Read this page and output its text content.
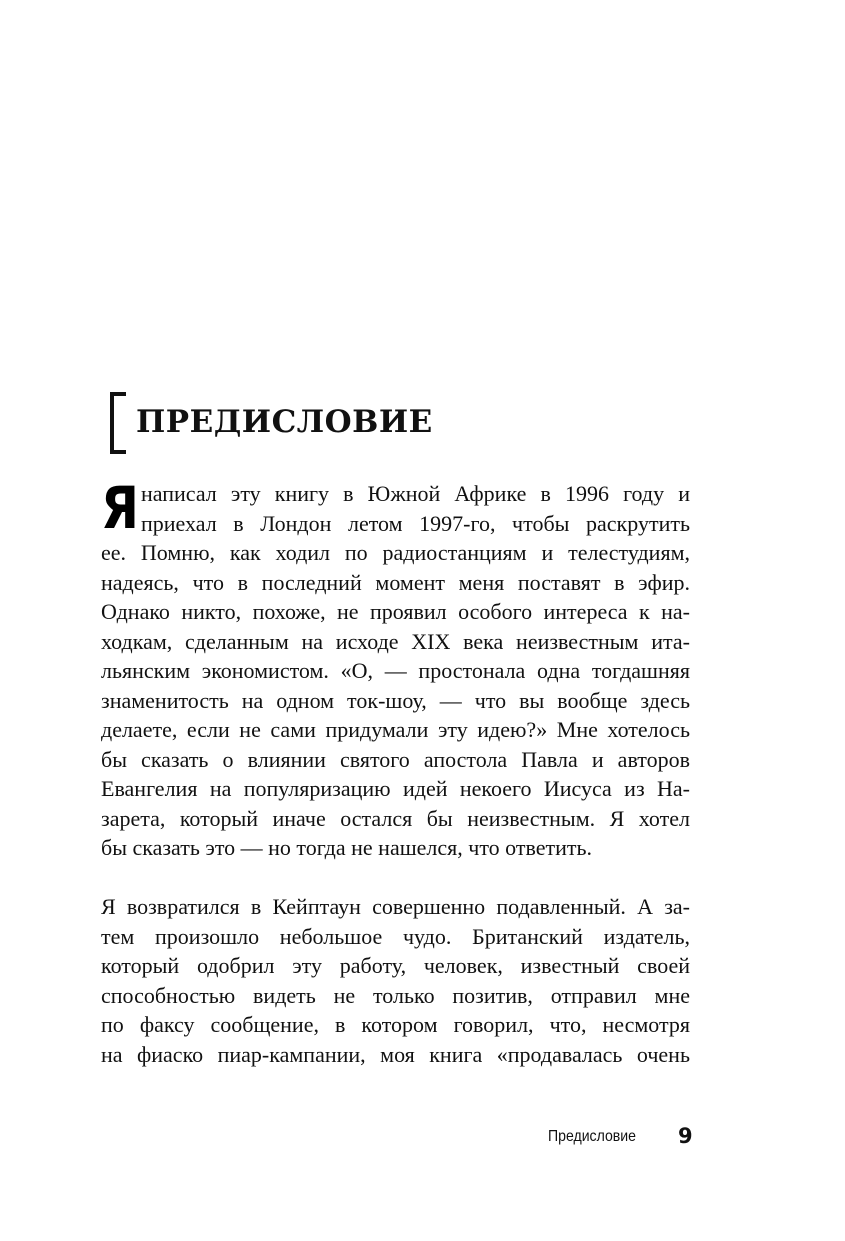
ПРЕДИСЛОВИЕ
Я написал эту книгу в Южной Африке в 1996 году и
приехал в Лондон летом 1997-го, чтобы раскрутить
ее. Помню, как ходил по радиостанциям и телестудиям,
надеясь, что в последний момент меня поставят в эфир.
Однако никто, похоже, не проявил особого интереса к на-
ходкам, сделанным на исходе XIX века неизвестным ита-
льянским экономистом. «О, — простонала одна тогдашняя
знаменитость на одном ток-шоу, — что вы вообще здесь
делаете, если не сами придумали эту идею?» Мне хотелось
бы сказать о влиянии святого апостола Павла и авторов
Евангелия на популяризацию идей некоего Иисуса из На-
зарета, который иначе остался бы неизвестным. Я хотел
бы сказать это — но тогда не нашелся, что ответить.
Я возвратился в Кейптаун совершенно подавленный. А за-
тем произошло небольшое чудо. Британский издатель,
который одобрил эту работу, человек, известный своей
способностью видеть не только позитив, отправил мне
по факсу сообщение, в котором говорил, что, несмотря
на фиаско пиар-кампании, моя книга «продавалась очень
Предисловие 9
